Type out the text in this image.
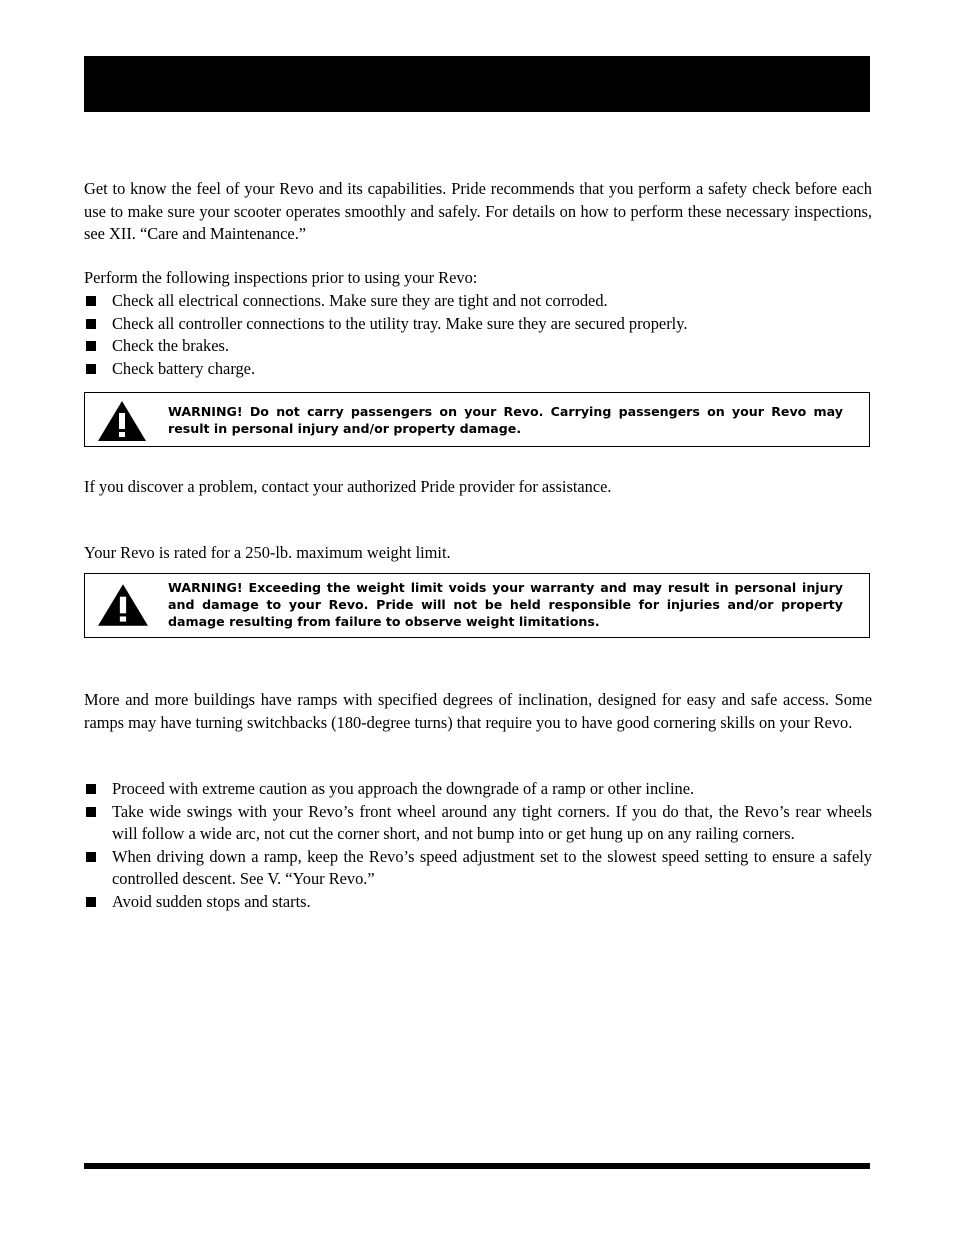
Get to know the feel of your Revo and its capabilities. Pride recommends that you perform a safety check before each use to make sure your scooter operates smoothly and safely. For details on how to perform these necessary inspections, see XII. “Care and Maintenance.”

Perform the following inspections prior to using your Revo:

Check all electrical connections. Make sure they are tight and not corroded.
Check all controller connections to the utility tray. Make sure they are secured properly.
Check the brakes.
Check battery charge.

WARNING! Do not carry passengers on your Revo. Carrying passengers on your Revo may result in personal injury and/or property damage.

If you discover a problem, contact your authorized Pride provider for assistance.

Your Revo is rated for a 250-lb. maximum weight limit.

WARNING! Exceeding the weight limit voids your warranty and may result in personal injury and damage to your Revo. Pride will not be held responsible for injuries and/or property damage resulting from failure to observe weight limitations.

More and more buildings have ramps with specified degrees of inclination, designed for easy and safe access. Some ramps may have turning switchbacks (180-degree turns) that require you to have good cornering skills on your Revo.

Proceed with extreme caution as you approach the downgrade of a ramp or other incline.
Take wide swings with your Revo’s front wheel around any tight corners. If you do that, the Revo’s rear wheels will follow a wide arc, not cut the corner short, and not bump into or get hung up on any railing corners.
When driving down a ramp, keep the Revo’s speed adjustment set to the slowest speed setting to ensure a safely controlled descent. See V. “Your Revo.”
Avoid sudden stops and starts.
